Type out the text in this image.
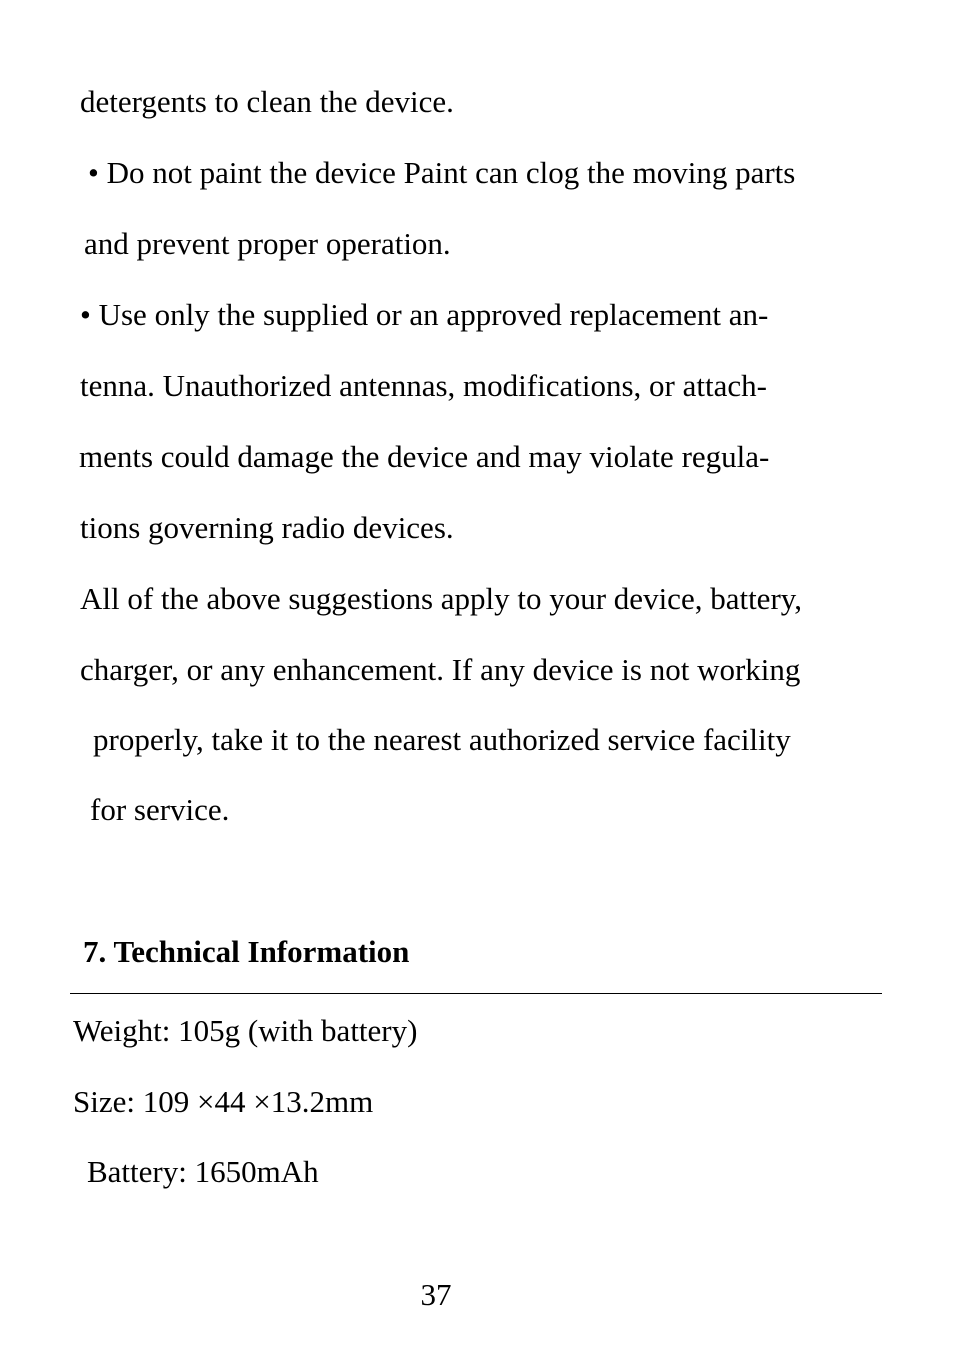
detergents to clean the device.
• Do not paint the device Paint can clog the moving parts
and prevent proper operation.
• Use only the supplied or an approved replacement an-
tenna. Unauthorized antennas, modifications, or attach-
ments could damage the device and may violate regula-
tions governing radio devices.
All of the above suggestions apply to your device, battery,
charger, or any enhancement. If any device is not working
properly, take it to the nearest authorized service facility
for service.
7. Technical Information
Weight: 105g (with battery)
Size: 109 ×44 ×13.2mm
Battery: 1650mAh
37
